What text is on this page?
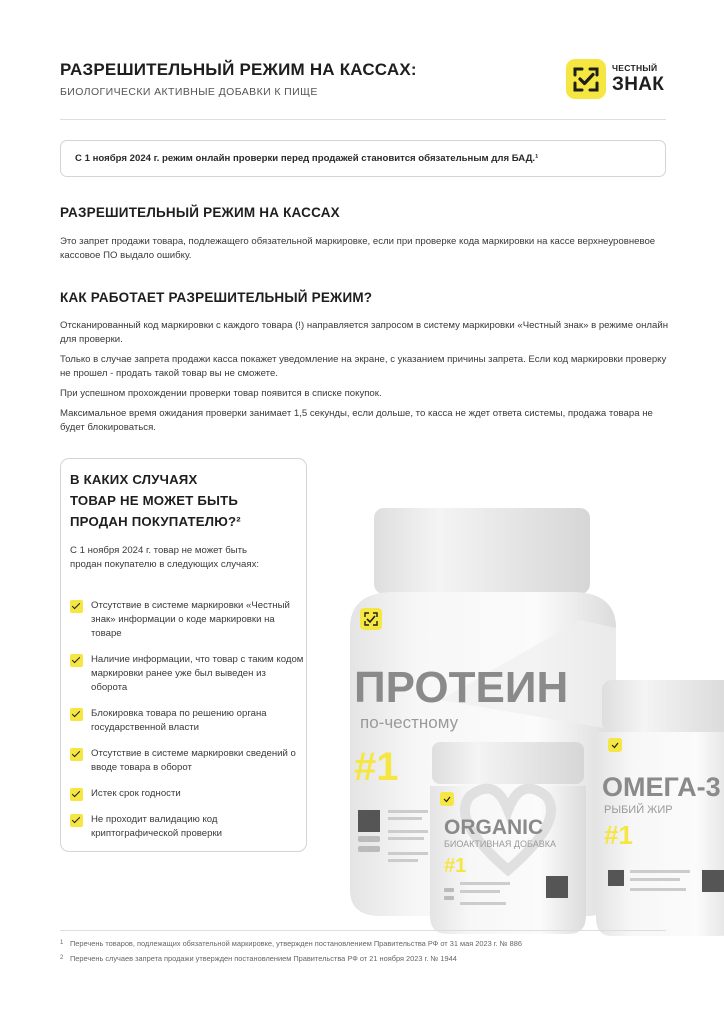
РАЗРЕШИТЕЛЬНЫЙ РЕЖИМ НА КАССАХ:
БИОЛОГИЧЕСКИ АКТИВНЫЕ ДОБАВКИ К ПИЩЕ
ЧЕСТНЫЙ
ЗНАК
С 1 ноября 2024 г. режим онлайн проверки перед продажей становится обязательным для БАД.¹
РАЗРЕШИТЕЛЬНЫЙ РЕЖИМ НА КАССАХ
Это запрет продажи товара, подлежащего обязательной маркировке, если при проверке кода маркировки на кассе верхнеуровневое кассовое ПО выдало ошибку.
КАК РАБОТАЕТ РАЗРЕШИТЕЛЬНЫЙ РЕЖИМ?
Отсканированный код маркировки с каждого товара (!) направляется запросом в систему маркировки «Честный знак» в режиме онлайн для проверки.
Только в случае запрета продажи касса покажет уведомление на экране, с указанием причины запрета. Если код маркировки проверку не прошел - продать такой товар вы не сможете.
При успешном прохождении проверки товар появится в списке покупок.
Максимальное время ожидания проверки занимает 1,5 секунды, если дольше, то касса не ждет ответа системы, продажа товара не будет блокироваться.
В КАКИХ СЛУЧАЯХ
ТОВАР НЕ МОЖЕТ БЫТЬ
ПРОДАН ПОКУПАТЕЛЮ?²
С 1 ноября 2024 г. товар не может быть продан покупателю в следующих случаях:
Отсутствие в системе маркировки «Честный знак» информации о коде маркировки на товаре
Наличие информации, что товар с таким кодом маркировки ранее уже был выведен из оборота
Блокировка товара по решению органа государственной власти
Отсутствие в системе маркировки сведений о вводе товара в оборот
Истек срок годности
Не проходит валидацию код криптографической проверки
ПРОТЕИН
по-честному
#1	ОМЕГА-3
РЫБИЙ ЖИР
#1
ORGANIC
БИОАКТИВНАЯ ДОБАВКА
#1
1 Перечень товаров, подлежащих обязательной маркировке, утвержден постановлением Правительства РФ от 31 мая 2023 г. № 886
2 Перечень случаев запрета продажи утвержден постановлением Правительства РФ от 21 ноября 2023 г. № 1944
